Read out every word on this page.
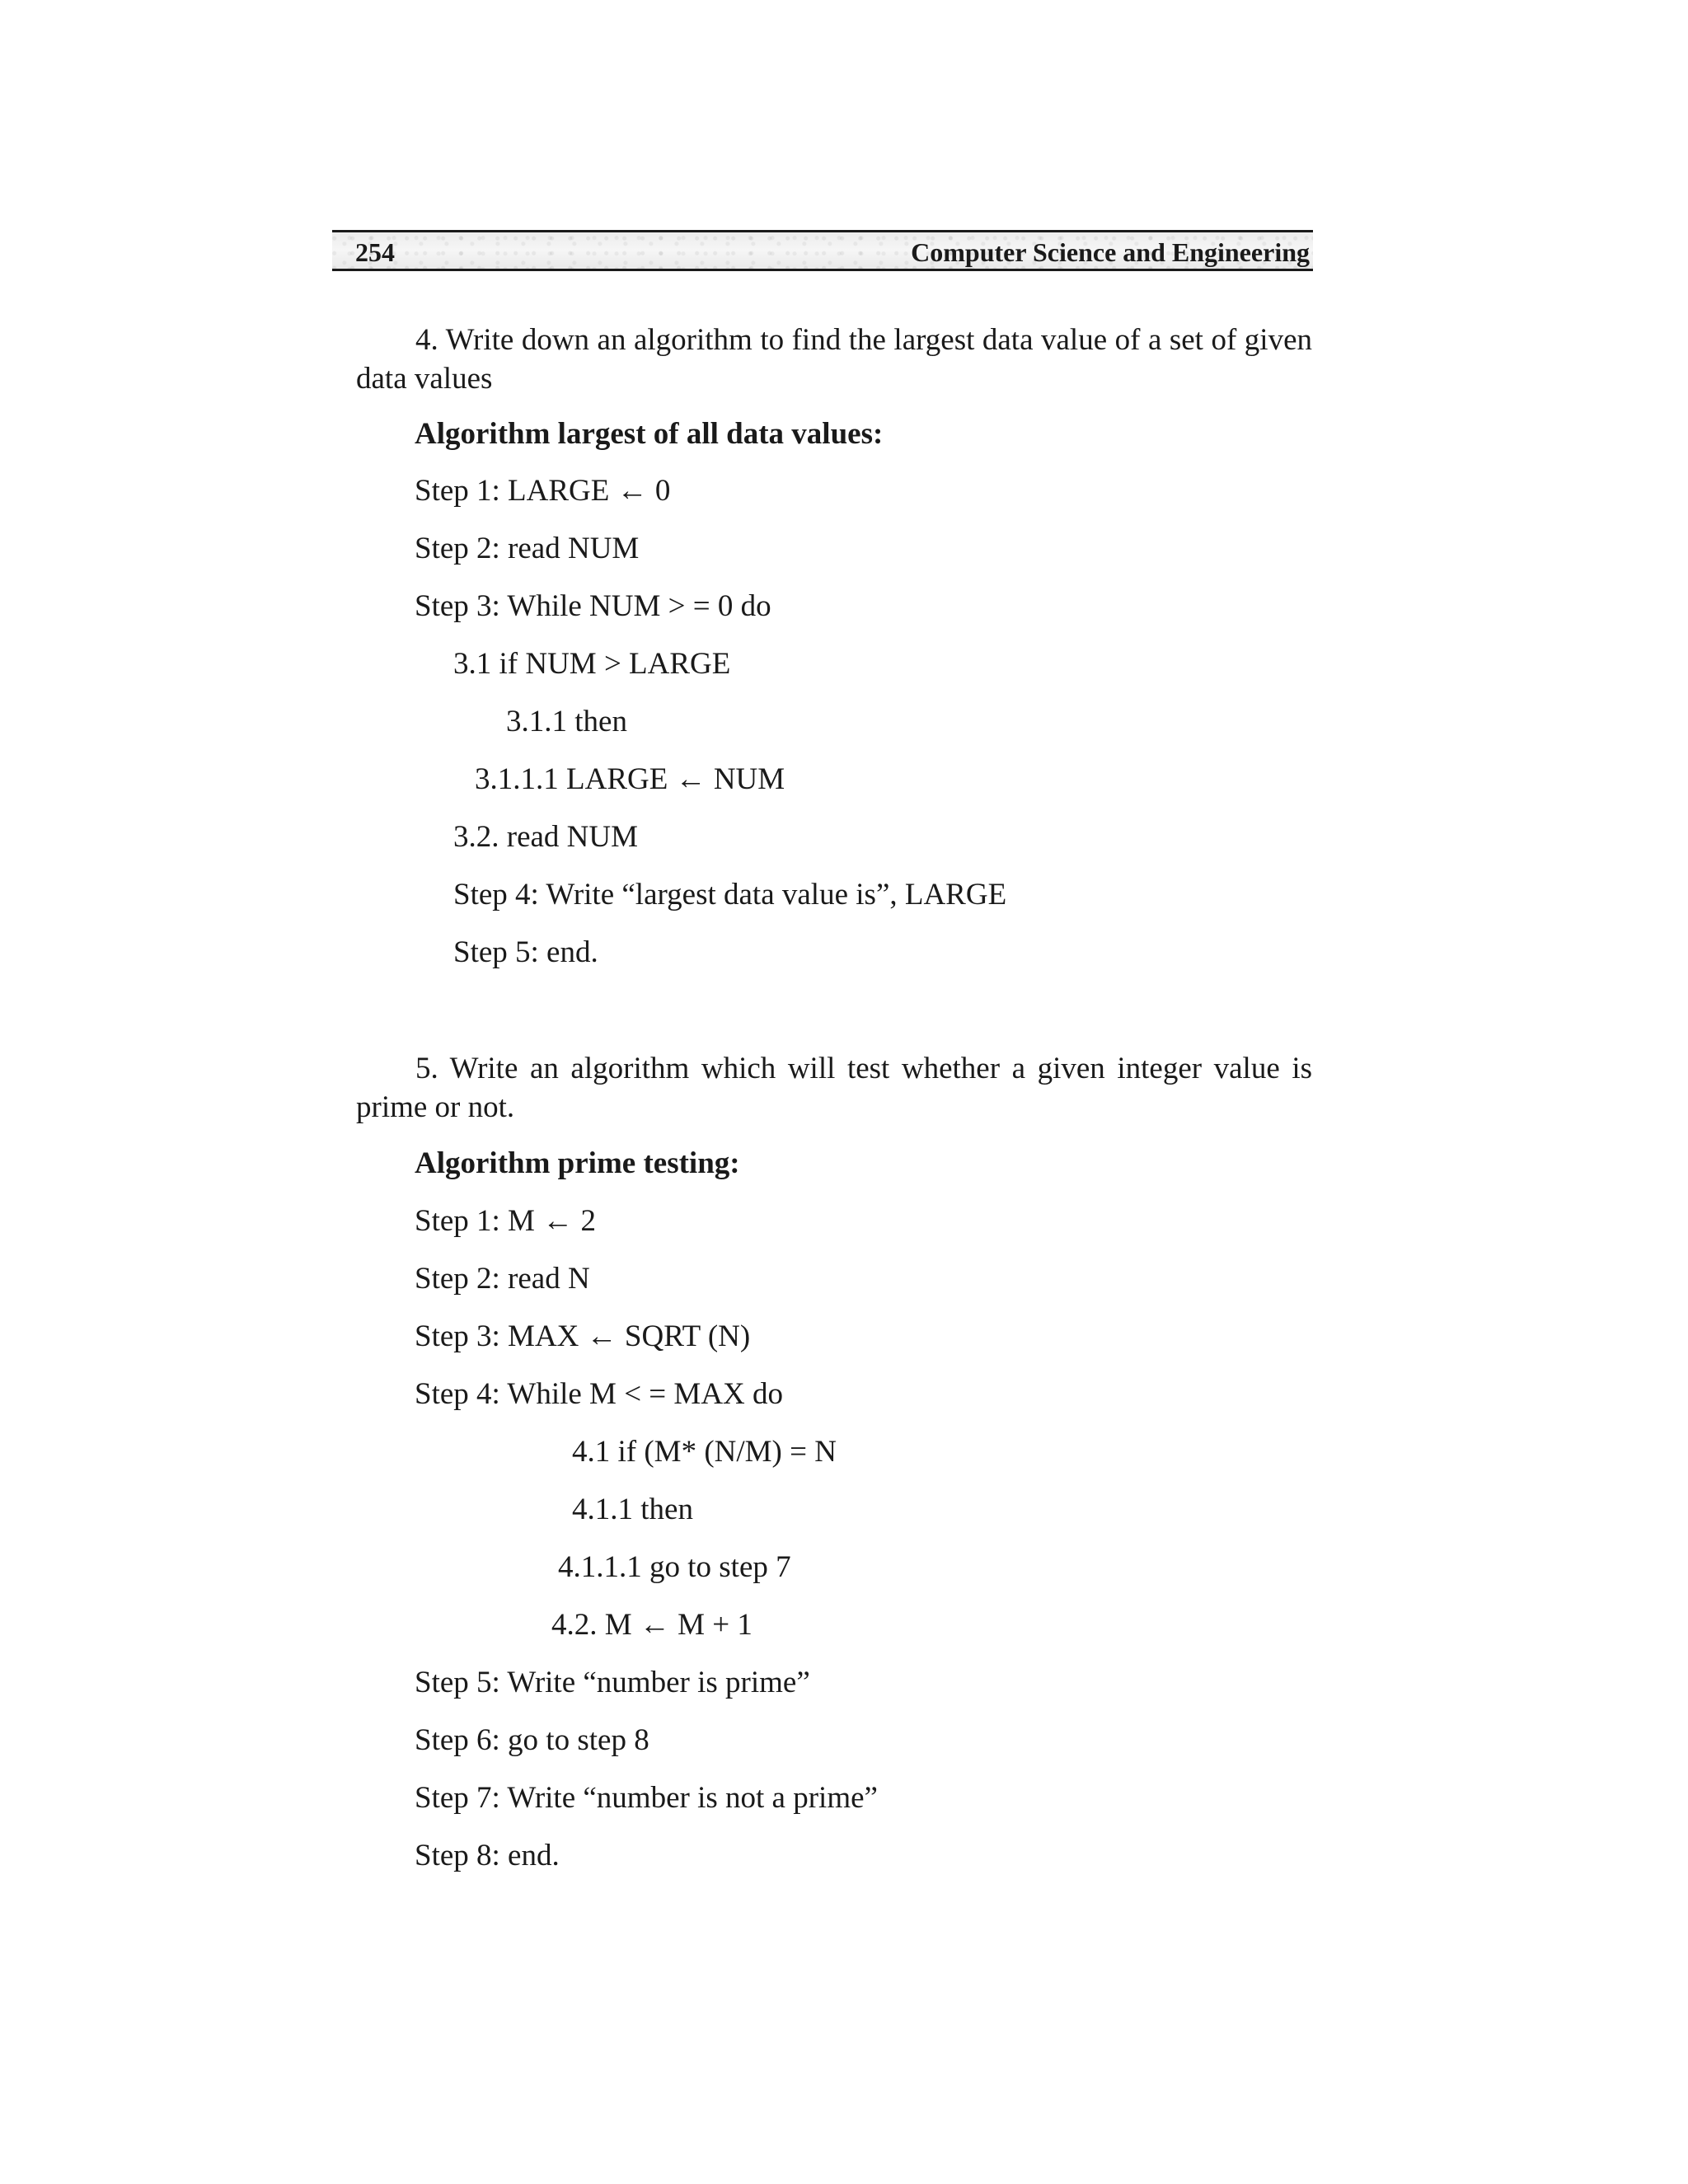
254	Computer Science and Engineering
4. Write down an algorithm to find the largest data value of a set of given data values
Algorithm largest of all data values:
Step 1: LARGE ← 0
Step 2: read NUM
Step 3: While NUM > = 0 do
3.1 if NUM > LARGE
3.1.1 then
3.1.1.1 LARGE ← NUM
3.2. read NUM
Step 4: Write “largest data value is”, LARGE
Step 5: end.
5. Write an algorithm which will test whether a given integer value is prime or not.
Algorithm prime testing:
Step 1: M ← 2
Step 2: read N
Step 3: MAX ← SQRT (N)
Step 4: While M < = MAX do
4.1 if (M* (N/M) = N
4.1.1 then
4.1.1.1 go to step 7
4.2. M ← M + 1
Step 5: Write “number is prime”
Step 6: go to step 8
Step 7: Write “number is not a prime”
Step 8: end.
